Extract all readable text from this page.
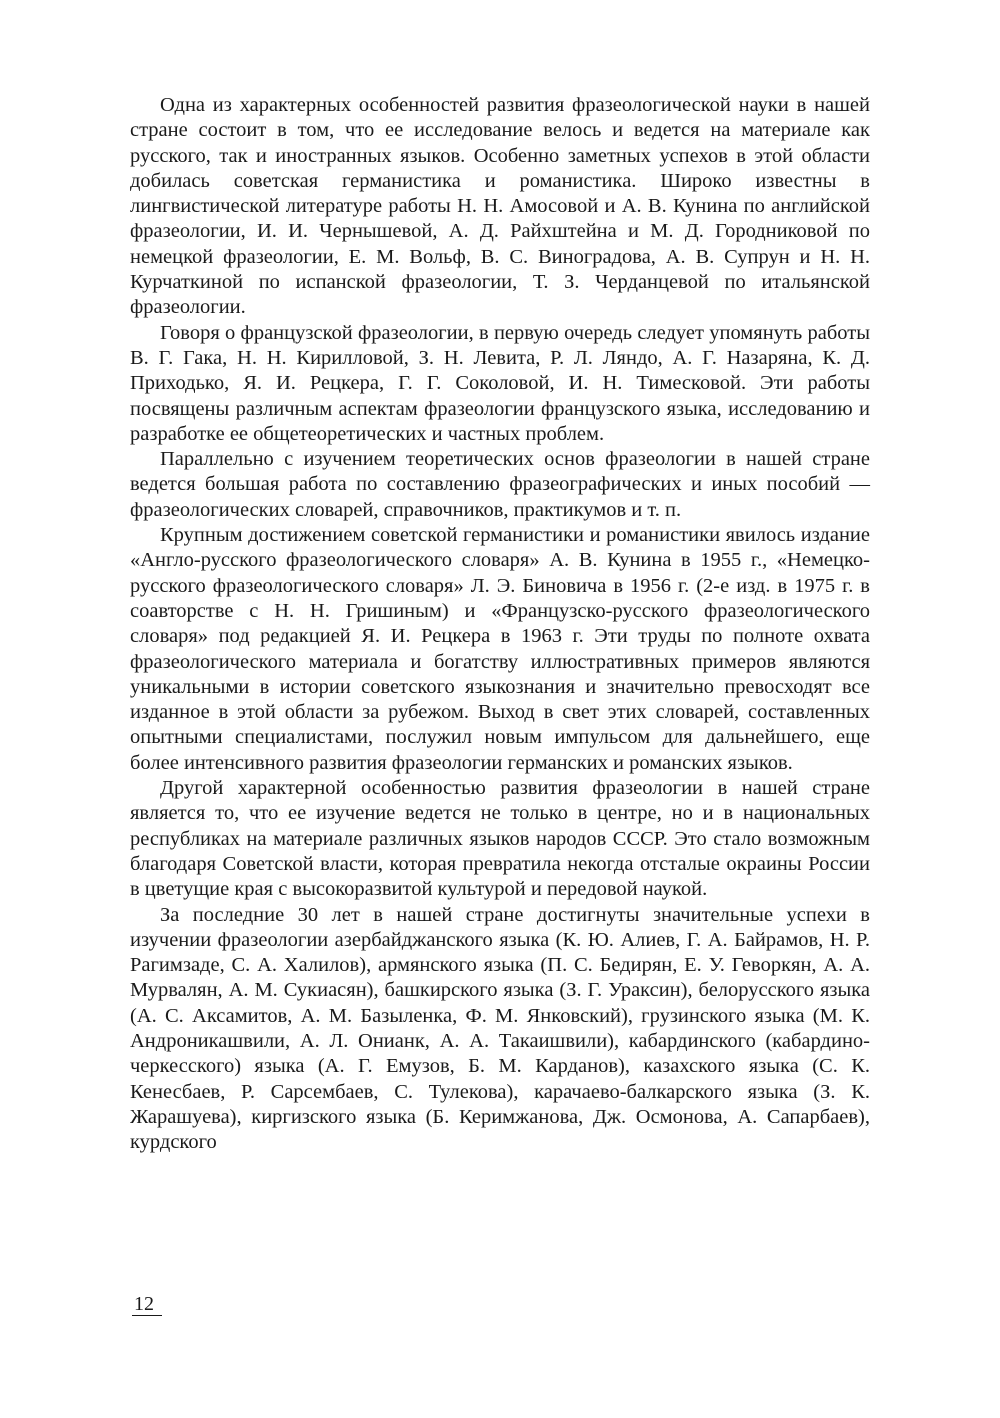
Одна из характерных особенностей развития фразеологической науки в нашей стране состоит в том, что ее исследование велось и ведется на материале как русского, так и иностранных языков. Особенно заметных успехов в этой области добилась советская германистика и романистика. Широко известны в лингвистической литературе работы Н. Н. Амосовой и А. В. Кунина по английской фразеологии, И. И. Чернышевой, А. Д. Райхштейна и М. Д. Городниковой по немецкой фразеологии, Е. М. Вольф, В. С. Виноградова, А. В. Супрун и Н. Н. Курчаткиной по испанской фразеологии, Т. З. Черданцевой по итальянской фразеологии.

Говоря о французской фразеологии, в первую очередь следует упомянуть работы В. Г. Гака, Н. Н. Кирилловой, З. Н. Левита, Р. Л. Ляндо, А. Г. Назаряна, К. Д. Приходько, Я. И. Рецкера, Г. Г. Соколовой, И. Н. Тимесковой. Эти работы посвящены различным аспектам фразеологии французского языка, исследованию и разработке ее общетеоретических и частных проблем.

Параллельно с изучением теоретических основ фразеологии в нашей стране ведется большая работа по составлению фразеографических и иных пособий — фразеологических словарей, справочников, практикумов и т. п.

Крупным достижением советской германистики и романистики явилось издание «Англо-русского фразеологического словаря» А. В. Кунина в 1955 г., «Немецко-русского фразеологического словаря» Л. Э. Биновича в 1956 г. (2-е изд. в 1975 г. в соавторстве с Н. Н. Гришиным) и «Французско-русского фразеологического словаря» под редакцией Я. И. Рецкера в 1963 г. Эти труды по полноте охвата фразеологического материала и богатству иллюстративных примеров являются уникальными в истории советского языкознания и значительно превосходят все изданное в этой области за рубежом. Выход в свет этих словарей, составленных опытными специалистами, послужил новым импульсом для дальнейшего, еще более интенсивного развития фразеологии германских и романских языков.

Другой характерной особенностью развития фразеологии в нашей стране является то, что ее изучение ведется не только в центре, но и в национальных республиках на материале различных языков народов СССР. Это стало возможным благодаря Советской власти, которая превратила некогда отсталые окраины России в цветущие края с высокоразвитой культурой и передовой наукой.

За последние 30 лет в нашей стране достигнуты значительные успехи в изучении фразеологии азербайджанского языка (К. Ю. Алиев, Г. А. Байрамов, Н. Р. Рагимзаде, С. А. Халилов), армянского языка (П. С. Бедирян, Е. У. Геворкян, А. А. Мурвалян, А. М. Сукиасян), башкирского языка (З. Г. Ураксин), белорусского языка (А. С. Аксамитов, А. М. Базыленка, Ф. М. Янковский), грузинского языка (М. К. Андроникашвили, А. Л. Онианк, А. А. Такаишвили), кабардинского (кабардино-черкесского) языка (А. Г. Емузов, Б. М. Карданов), казахского языка (С. К. Кенесбаев, Р. Сарсембаев, С. Тулекова), карачаево-балкарского языка (З. К. Жарашуева), киргизского языка (Б. Керимжанова, Дж. Осмонова, А. Сапарбаев), курдского

12
